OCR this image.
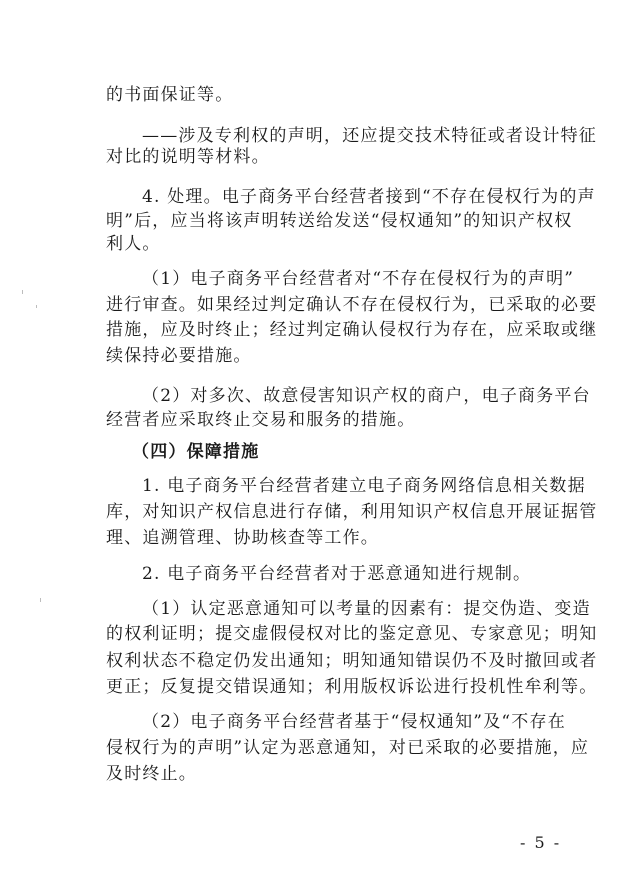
的书面保证等。
——涉及专利权的声明，还应提交技术特征或者设计特征
对比的说明等材料。
4. 处理。电子商务平台经营者接到“不存在侵权行为的声
明”后，应当将该声明转送给发送“侵权通知”的知识产权权
利人。
（1）电子商务平台经营者对“不存在侵权行为的声明”
进行审查。如果经过判定确认不存在侵权行为，已采取的必要
措施，应及时终止；经过判定确认侵权行为存在，应采取或继
续保持必要措施。
（2）对多次、故意侵害知识产权的商户，电子商务平台
经营者应采取终止交易和服务的措施。
（四）保障措施
1. 电子商务平台经营者建立电子商务网络信息相关数据
库，对知识产权信息进行存储，利用知识产权信息开展证据管
理、追溯管理、协助核查等工作。
2. 电子商务平台经营者对于恶意通知进行规制。
（1）认定恶意通知可以考量的因素有：提交伪造、变造
的权利证明；提交虚假侵权对比的鉴定意见、专家意见；明知
权利状态不稳定仍发出通知；明知通知错误仍不及时撤回或者
更正；反复提交错误通知；利用版权诉讼进行投机性牟利等。
（2）电子商务平台经营者基于“侵权通知”及“不存在
侵权行为的声明”认定为恶意通知，对已采取的必要措施，应
及时终止。
- 5 -
